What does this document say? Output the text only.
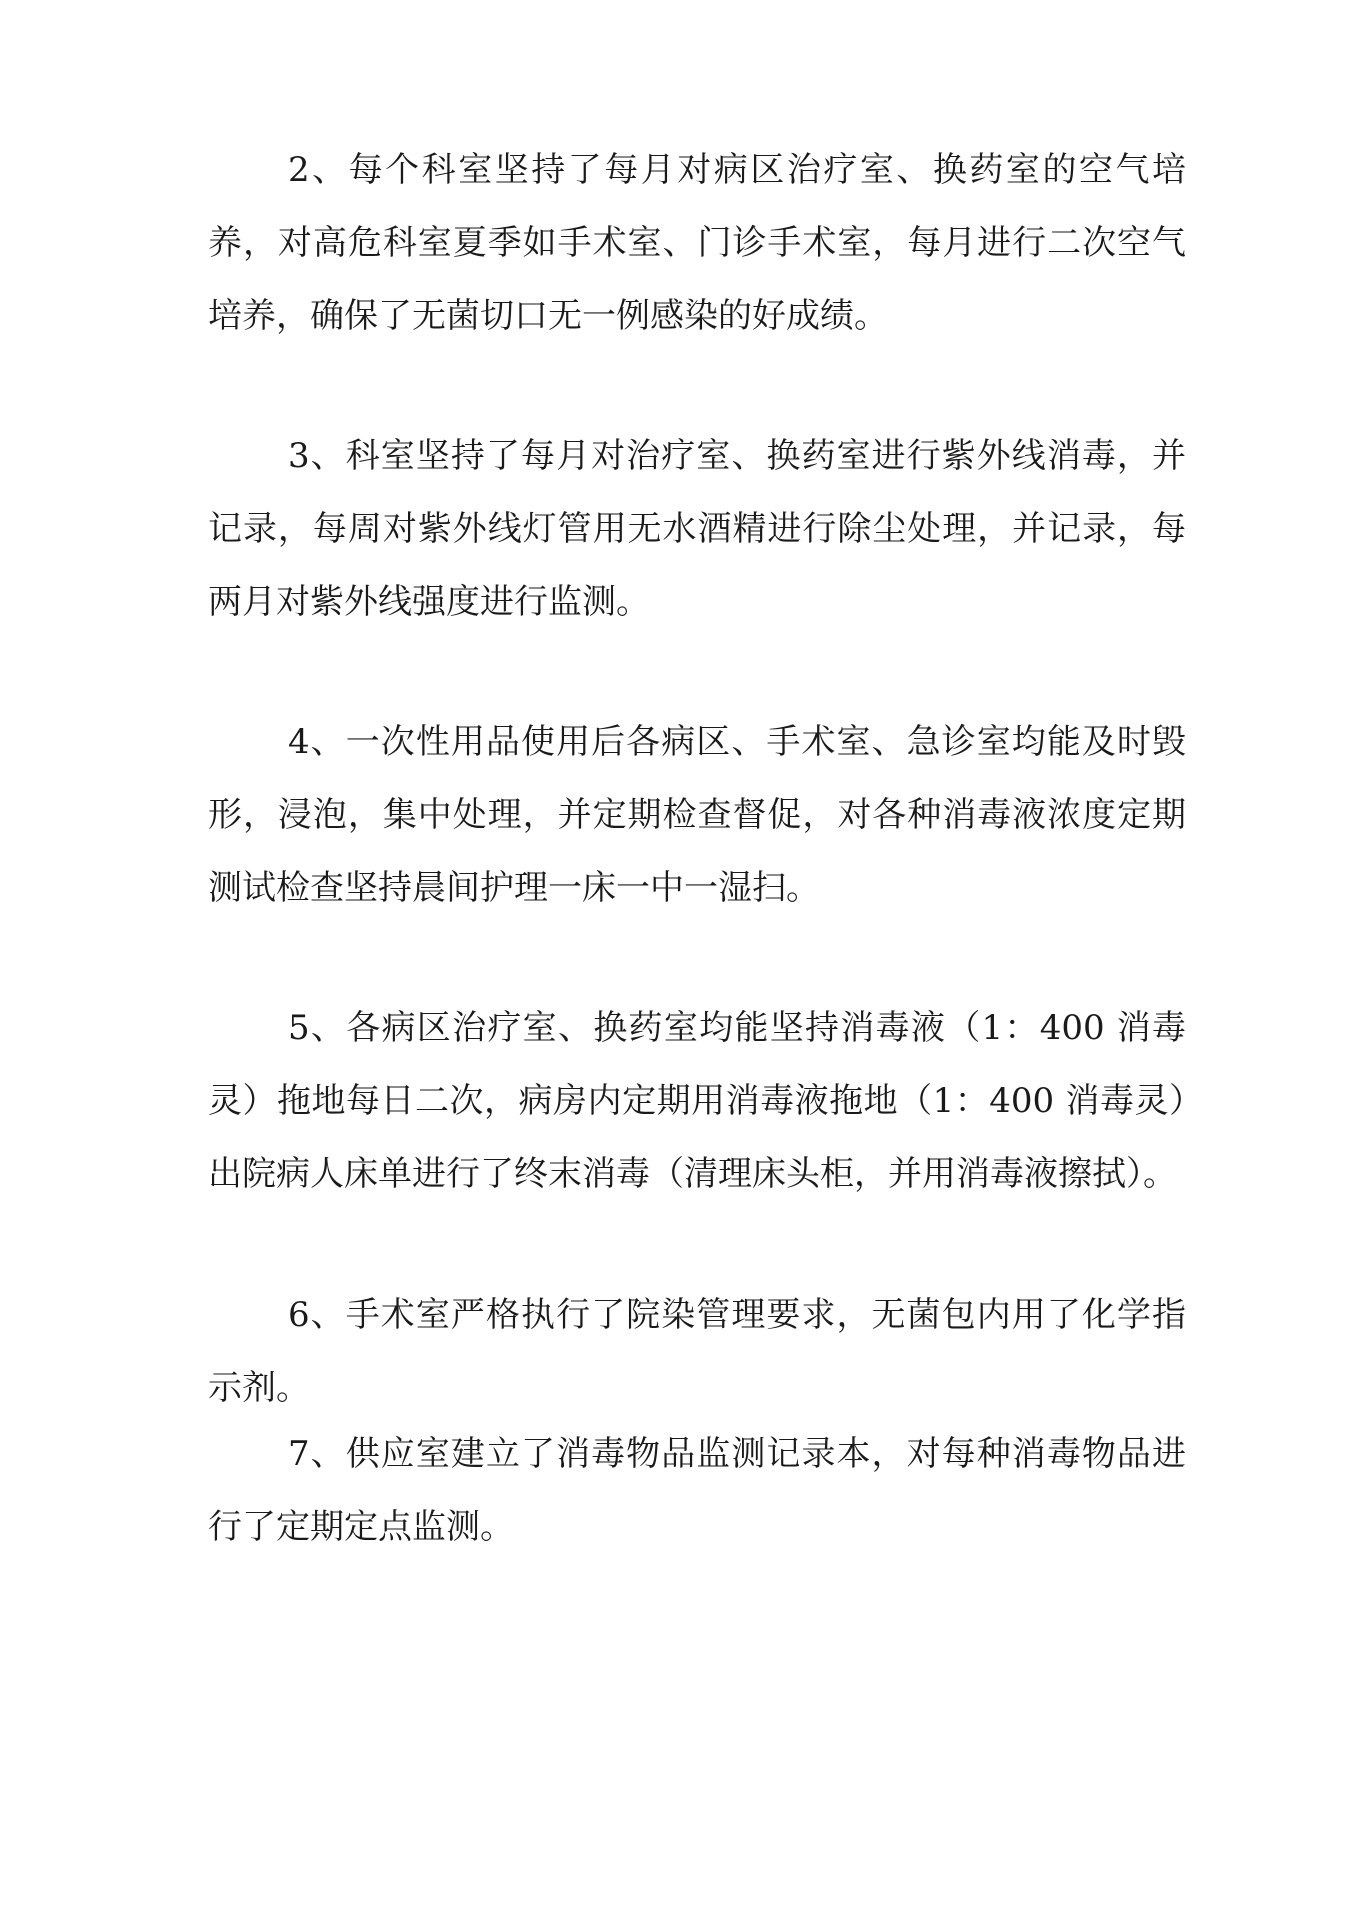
2、每个科室坚持了每月对病区治疗室、换药室的空气培养，对高危科室夏季如手术室、门诊手术室，每月进行二次空气培养，确保了无菌切口无一例感染的好成绩。

3、科室坚持了每月对治疗室、换药室进行紫外线消毒，并记录，每周对紫外线灯管用无水酒精进行除尘处理，并记录，每两月对紫外线强度进行监测。

4、一次性用品使用后各病区、手术室、急诊室均能及时毁形，浸泡，集中处理，并定期检查督促，对各种消毒液浓度定期测试检查坚持晨间护理一床一中一湿扫。

5、各病区治疗室、换药室均能坚持消毒液（1：400 消毒灵）拖地每日二次，病房内定期用消毒液拖地（1：400 消毒灵）出院病人床单进行了终末消毒（清理床头柜，并用消毒液擦拭）。

6、手术室严格执行了院染管理要求，无菌包内用了化学指示剂。

7、供应室建立了消毒物品监测记录本，对每种消毒物品进行了定期定点监测。
